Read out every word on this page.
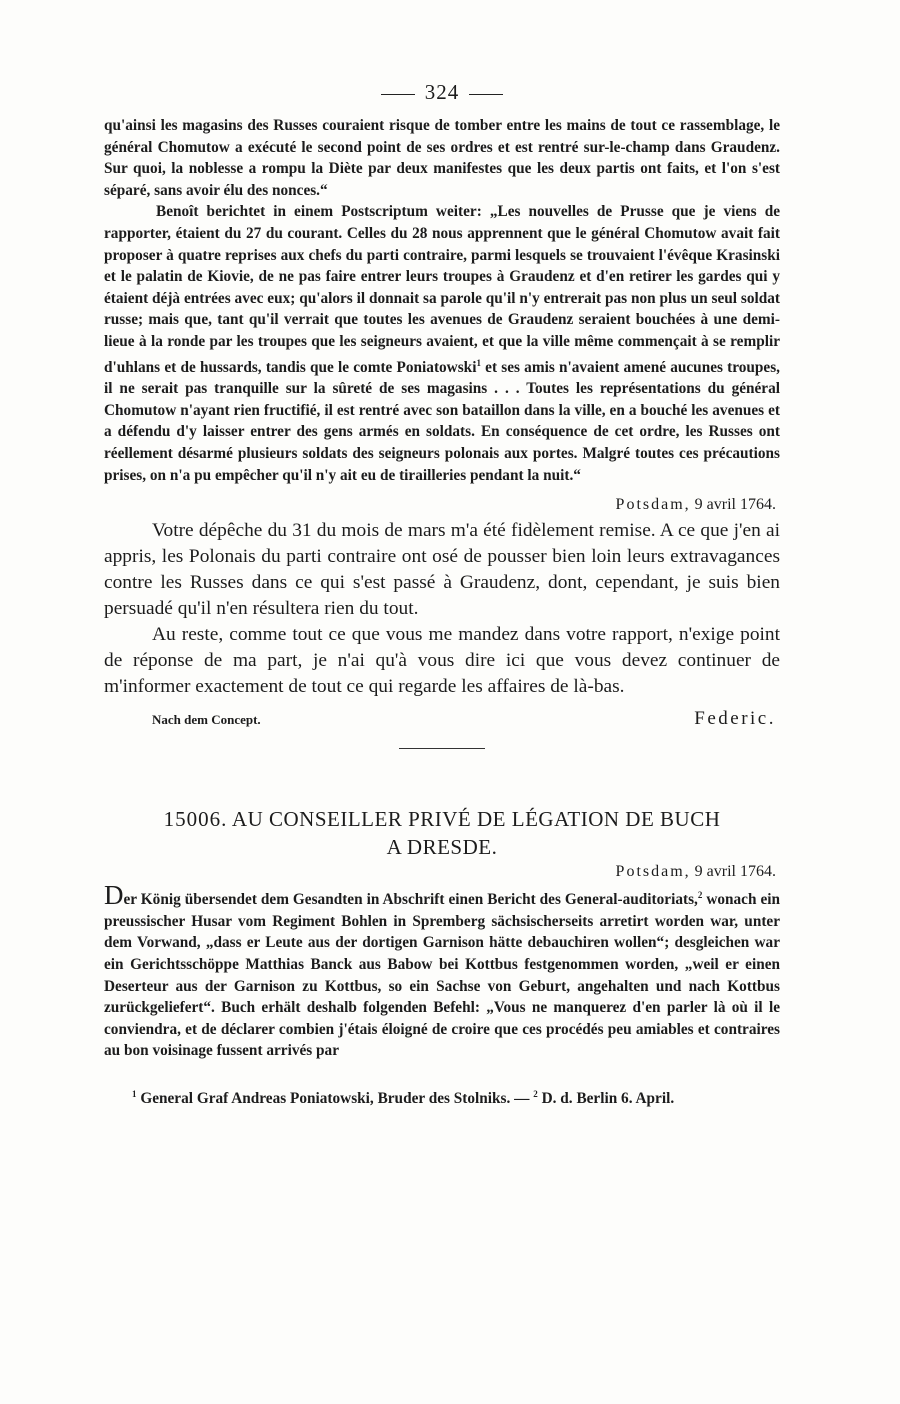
324

qu'ainsi les magasins des Russes couraient risque de tomber entre les mains de tout ce rassemblage, le général Chomutow a exécuté le second point de ses ordres et est rentré sur-le-champ dans Graudenz. Sur quoi, la noblesse a rompu la Diète par deux manifestes que les deux partis ont faits, et l'on s'est séparé, sans avoir élu des nonces.“

Benoît berichtet in einem Postscriptum weiter: „Les nouvelles de Prusse que je viens de rapporter, étaient du 27 du courant. Celles du 28 nous apprennent que le général Chomutow avait fait proposer à quatre reprises aux chefs du parti contraire, parmi lesquels se trouvaient l'évêque Krasinski et le palatin de Kiovie, de ne pas faire entrer leurs troupes à Graudenz et d'en retirer les gardes qui y étaient déjà entrées avec eux; qu'alors il donnait sa parole qu'il n'y entrerait pas non plus un seul soldat russe; mais que, tant qu'il verrait que toutes les avenues de Graudenz seraient bouchées à une demi-lieue à la ronde par les troupes que les seigneurs avaient, et que la ville même commençait à se remplir d'uhlans et de hussards, tandis que le comte Poniatowski$^1$ et ses amis n'avaient amené aucunes troupes, il ne serait pas tranquille sur la sûreté de ses magasins . . . Toutes les représentations du général Chomutow n'ayant rien fructifié, il est rentré avec son bataillon dans la ville, en a bouché les avenues et a défendu d'y laisser entrer des gens armés en soldats. En conséquence de cet ordre, les Russes ont réellement désarmé plusieurs soldats des seigneurs polonais aux portes. Malgré toutes ces précautions prises, on n'a pu empêcher qu'il n'y ait eu de tirailleries pendant la nuit.“

Potsdam, 9 avril 1764.

Votre dépêche du 31 du mois de mars m'a été fidèlement remise. A ce que j'en ai appris, les Polonais du parti contraire ont osé de pousser bien loin leurs extravagances contre les Russes dans ce qui s'est passé à Graudenz, dont, cependant, je suis bien persuadé qu'il n'en résultera rien du tout.

Au reste, comme tout ce que vous me mandez dans votre rapport, n'exige point de réponse de ma part, je n'ai qu'à vous dire ici que vous devez continuer de m'informer exactement de tout ce qui regarde les affaires de là-bas.

Nach dem Concept.	Federic.
15006. AU CONSEILLER PRIVÉ DE LÉGATION DE BUCH
A DRESDE.
Potsdam, 9 avril 1764.

Der König übersendet dem Gesandten in Abschrift einen Bericht des General-auditoriats,$^2$ wonach ein preussischer Husar vom Regiment Bohlen in Spremberg sächsischerseits arretirt worden war, unter dem Vorwand, „dass er Leute aus der dortigen Garnison hätte debauchiren wollen“; desgleichen war ein Gerichtsschöppe Matthias Banck aus Babow bei Kottbus festgenommen worden, „weil er einen Deserteur aus der Garnison zu Kottbus, so ein Sachse von Geburt, angehalten und nach Kottbus zurückgeliefert“. Buch erhält deshalb folgenden Befehl: „Vous ne manquerez d'en parler là où il le conviendra, et de déclarer combien j'étais éloigné de croire que ces procédés peu amiables et contraires au bon voisinage fussent arrivés par

$^1$ General Graf Andreas Poniatowski, Bruder des Stolniks. — $^2$ D. d. Berlin 6. April.
